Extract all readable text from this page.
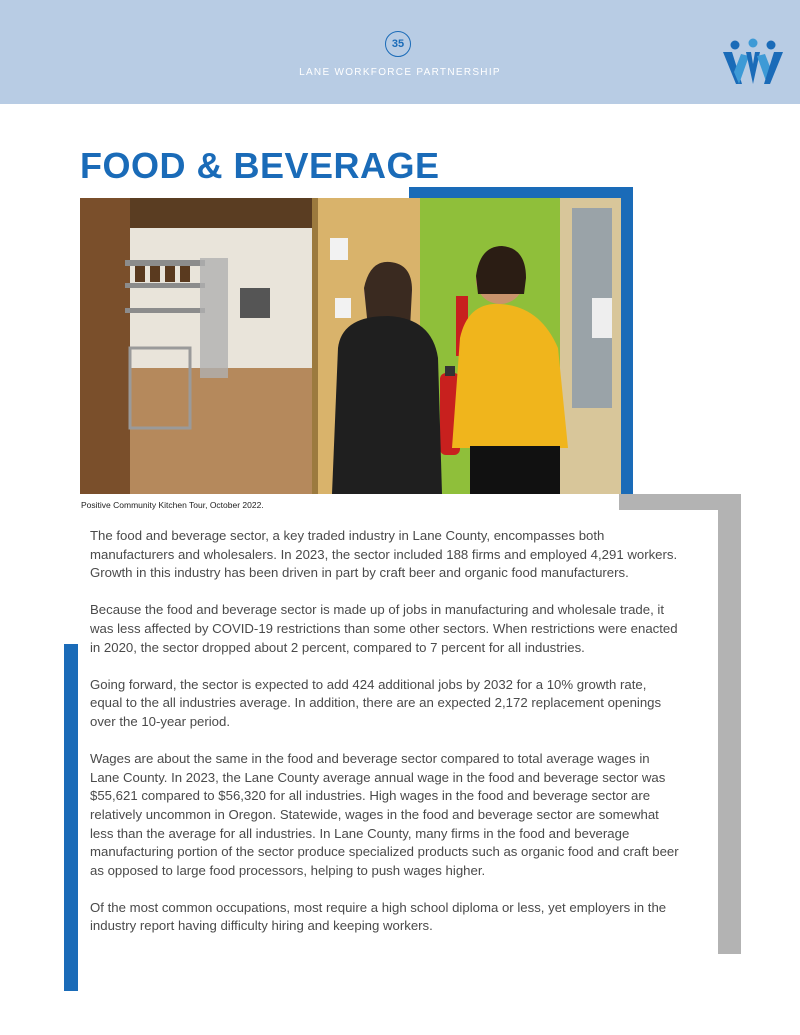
35
LANE WORKFORCE PARTNERSHIP
FOOD & BEVERAGE
Positive Community Kitchen Tour, October 2022.

The food and beverage sector, a key traded industry in Lane County, encompasses both manufacturers and wholesalers. In 2023, the sector included 188 firms and employed 4,291 workers. Growth in this industry has been driven in part by craft beer and organic food manufacturers.

Because the food and beverage sector is made up of jobs in manufacturing and wholesale trade, it was less affected by COVID-19 restrictions than some other sectors. When restrictions were enacted in 2020, the sector dropped about 2 percent, compared to 7 percent for all industries.

Going forward, the sector is expected to add 424 additional jobs by 2032 for a 10% growth rate, equal to the all industries average. In addition, there are an expected 2,172 replacement openings over the 10-year period.

Wages are about the same in the food and beverage sector compared to total average wages in Lane County. In 2023, the Lane County average annual wage in the food and beverage sector was $55,621 compared to $56,320 for all industries. High wages in the food and beverage sector are relatively uncommon in Oregon. Statewide, wages in the food and beverage sector are somewhat less than the average for all industries. In Lane County, many firms in the food and beverage manufacturing portion of the sector produce specialized products such as organic food and craft beer as opposed to large food processors, helping to push wages higher.

Of the most common occupations, most require a high school diploma or less, yet employers in the industry report having difficulty hiring and keeping workers.
